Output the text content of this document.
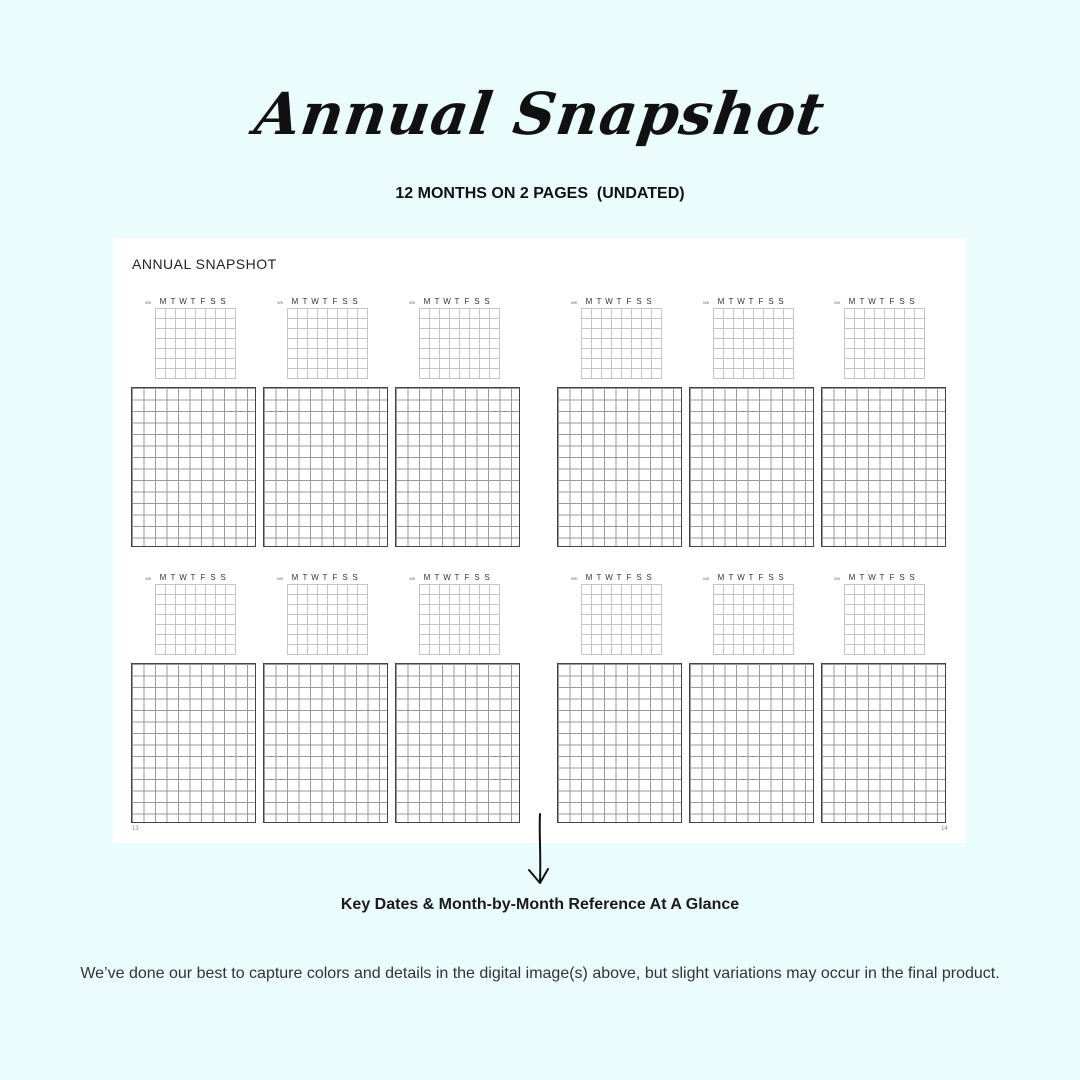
Annual Snapshot
12 MONTHS ON 2 PAGES  (UNDATED)
ANNUAL SNAPSHOT
13	14
WK M T W T F S S	WK M T W T F S S	WK M T W T F S S	WK M T W T F S S	WK M T W T F S S	WK M T W T F S S
WK M T W T F S S	WK M T W T F S S	WK M T W T F S S	WK M T W T F S S	WK M T W T F S S	WK M T W T F S S
Key Dates & Month-by-Month Reference At A Glance
We’ve done our best to capture colors and details in the digital image(s) above, but slight variations may occur in the final product.
